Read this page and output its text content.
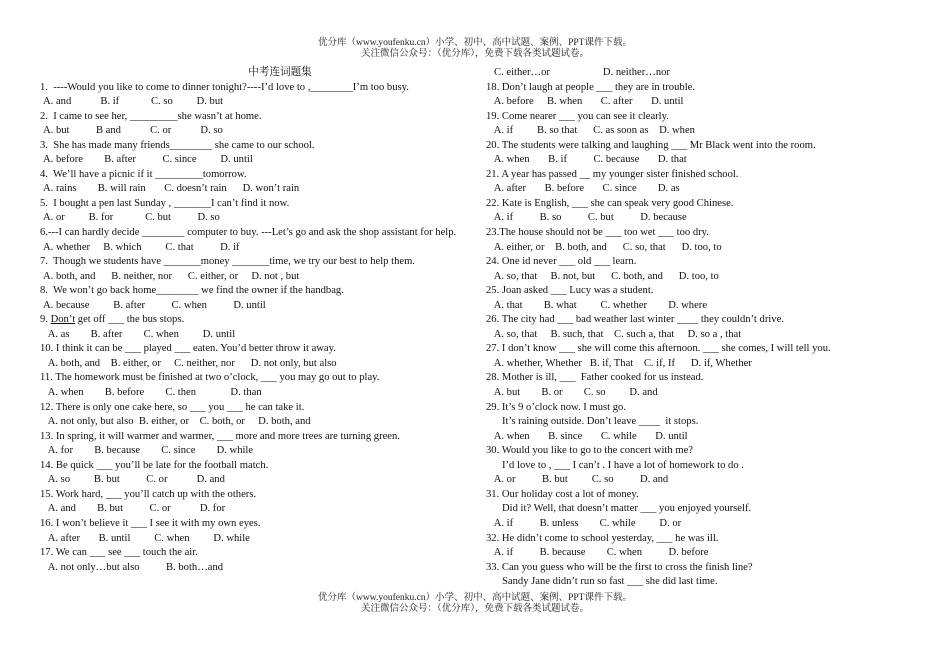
优分库（www.youfenku.cn）小学、初中、高中试题、案例、PPT课件下载。
关注微信公众号：（优分库），免费下载各类试题试卷。
中考连词题集
1. ----Would you like to come to dinner tonight?----I’d love to ,________I’m too busy.
A. and           B. if            C. so         D. but
2. I came to see her, _________she wasn’t at home.
A. but          B and           C. or           D. so
3. She has made many friends________ she came to our school.
A. before        B. after          C. since         D. until
4. We’ll have a picnic if it _________tomorrow.
A. rains        B. will rain       C. doesn’t rain      D. won’t rain
5. I bought a pen last Sunday , _______I can’t find it now.
A. or         B. for            C. but          D. so
6. ---I can hardly decide ________ computer to buy. ---Let’s go and ask the shop assistant for help.
A. whether     B. which         C. that          D. if
7. Though we students have _______money _______time, we try our best to help them.
A. both, and      B. neither, nor      C. either, or     D. not , but
8. We won’t go back home________ we find the owner if the handbag.
A. because         B. after          C. when          D. until
9.
Don’t get off ___ the bus stops.
A. as        B. after        C. when         D. until
10. I think it can be ___ played ___ eaten. You’d better throw it away.
A. both, and    B. either, or     C. neither, nor      D. not only, but also
11. The homework must be finished at two o’clock, ___ you may go out to play.
A. when        B. before        C. then             D. than
12. There is only one cake here, so ___ you ___ he can take it.
A. not only, but also  B. either, or    C. both, or     D. both, and
13. In spring, it will warmer and warmer, ___ more and more trees are turning green.
A. for        B. because        C. since        D. while
14. Be quick ___ you’ll be late for the football match.
A. so         B. but          C. or           D. and
15. Work hard, ___ you’ll catch up with the others.
A. and        B. but          C. or           D. for
16. I won’t believe it ___ I see it with my own eyes.
A. after       B. until         C. when         D. while
17. We can ___ see ___ touch the air.
A. not only…but also          B. both…and
C. either…or                    D. neither…nor
18. Don’t laugh at people ___ they are in trouble.
A. before     B. when       C. after       D. until
19. Come nearer ___ you can see it clearly.
A. if         B. so that      C. as soon as    D. when
20. The students were talking and laughing ___ Mr Black went into the room.
A. when       B. if          C. because       D. that
21. A year has passed __ my younger sister finished school.
A. after       B. before       C. since        D. as
22. Kate is English, ___ she can speak very good Chinese.
A. if          B. so          C. but          D. because
23. The house should not be ___ too wet ___ too dry.
A. either, or    B. both, and      C. so, that      D. too, to
24. One id never ___ old ___ learn.
A. so, that     B. not, but      C. both, and      D. too, to
25. Joan asked ___ Lucy was a student.
A. that        B. what         C. whether        D. where
26. The city had ___ bad weather last winter ____ they couldn’t drive.
A. so, that     B. such, that    C. such a, that     D. so a , that
27. I don’t know ___ she will come this afternoon. ___ she comes, I will tell you.
A. whether, Whether   B. if, That    C. if, If      D. if, Whether
28. Mother is ill, ___  Father cooked for us instead.
A. but        B. or        C. so         D. and
29. It’s 9 o’clock now. I must go.
It’s raining outside. Don’t leave ____  it stops.
A. when       B. since       C. while       D. until
30. Would you like to go to the concert with me?
I’d love to , ___ I can’t . I have a lot of homework to do .
A. or          B. but         C. so          D. and
31. Our holiday cost a lot of money.
Did it? Well, that doesn’t matter ___ you enjoyed yourself.
A. if          B. unless        C. while         D. or
32. He didn’t come to school yesterday, ___ he was ill.
A. if          B. because        C. when          D. before
33. Can you guess who will be the first to cross the finish line?
Sandy Jane didn’t run so fast ___ she did last time.
优分库（www.youfenku.cn）小学、初中、高中试题、案例、PPT课件下载。
关注微信公众号：（优分库），免费下载各类试题试卷。
